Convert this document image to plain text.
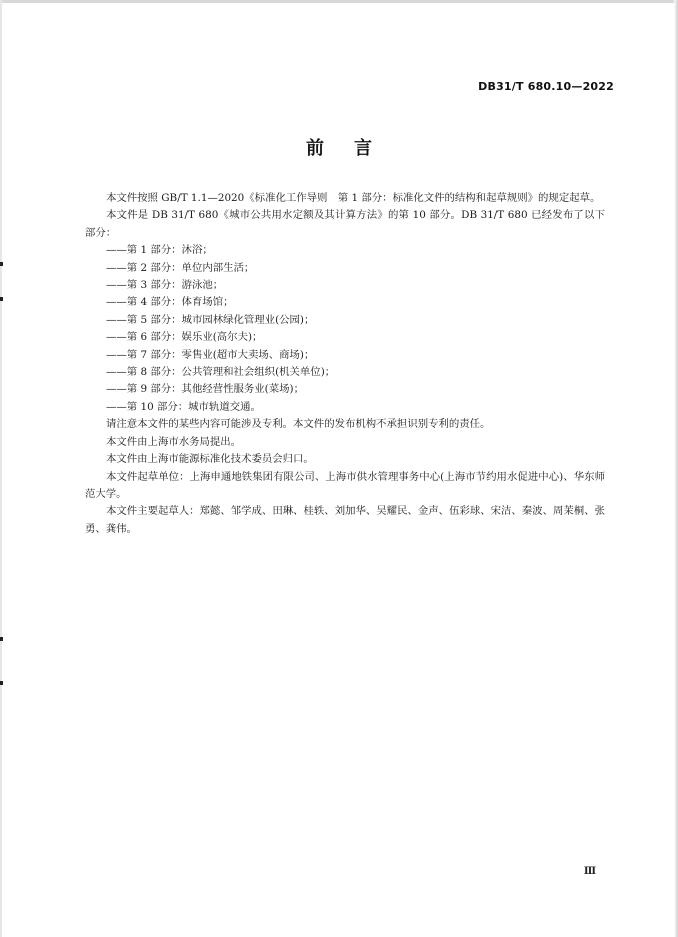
DB31/T 680.10—2022
前言

本文件按照 GB/T 1.1—2020《标准化工作导则　第 1 部分：标准化文件的结构和起草规则》的规定起草。

本文件是 DB 31/T 680《城市公共用水定额及其计算方法》的第 10 部分。DB 31/T 680 已经发布了以下部分：

——第 1 部分：沐浴；
——第 2 部分：单位内部生活；
——第 3 部分：游泳池；
——第 4 部分：体育场馆；
——第 5 部分：城市园林绿化管理业(公园)；
——第 6 部分：娱乐业(高尔夫)；
——第 7 部分：零售业(超市大卖场、商场)；
——第 8 部分：公共管理和社会组织(机关单位)；
——第 9 部分：其他经营性服务业(菜场)；
——第 10 部分：城市轨道交通。

请注意本文件的某些内容可能涉及专利。本文件的发布机构不承担识别专利的责任。

本文件由上海市水务局提出。

本文件由上海市能源标准化技术委员会归口。

本文件起草单位：上海申通地铁集团有限公司、上海市供水管理事务中心(上海市节约用水促进中心)、华东师范大学。

本文件主要起草人：郑懿、邹学成、田琳、桂轶、刘加华、吴耀民、金声、伍彩球、宋洁、秦波、周茉桐、张勇、龚伟。

Ⅲ
